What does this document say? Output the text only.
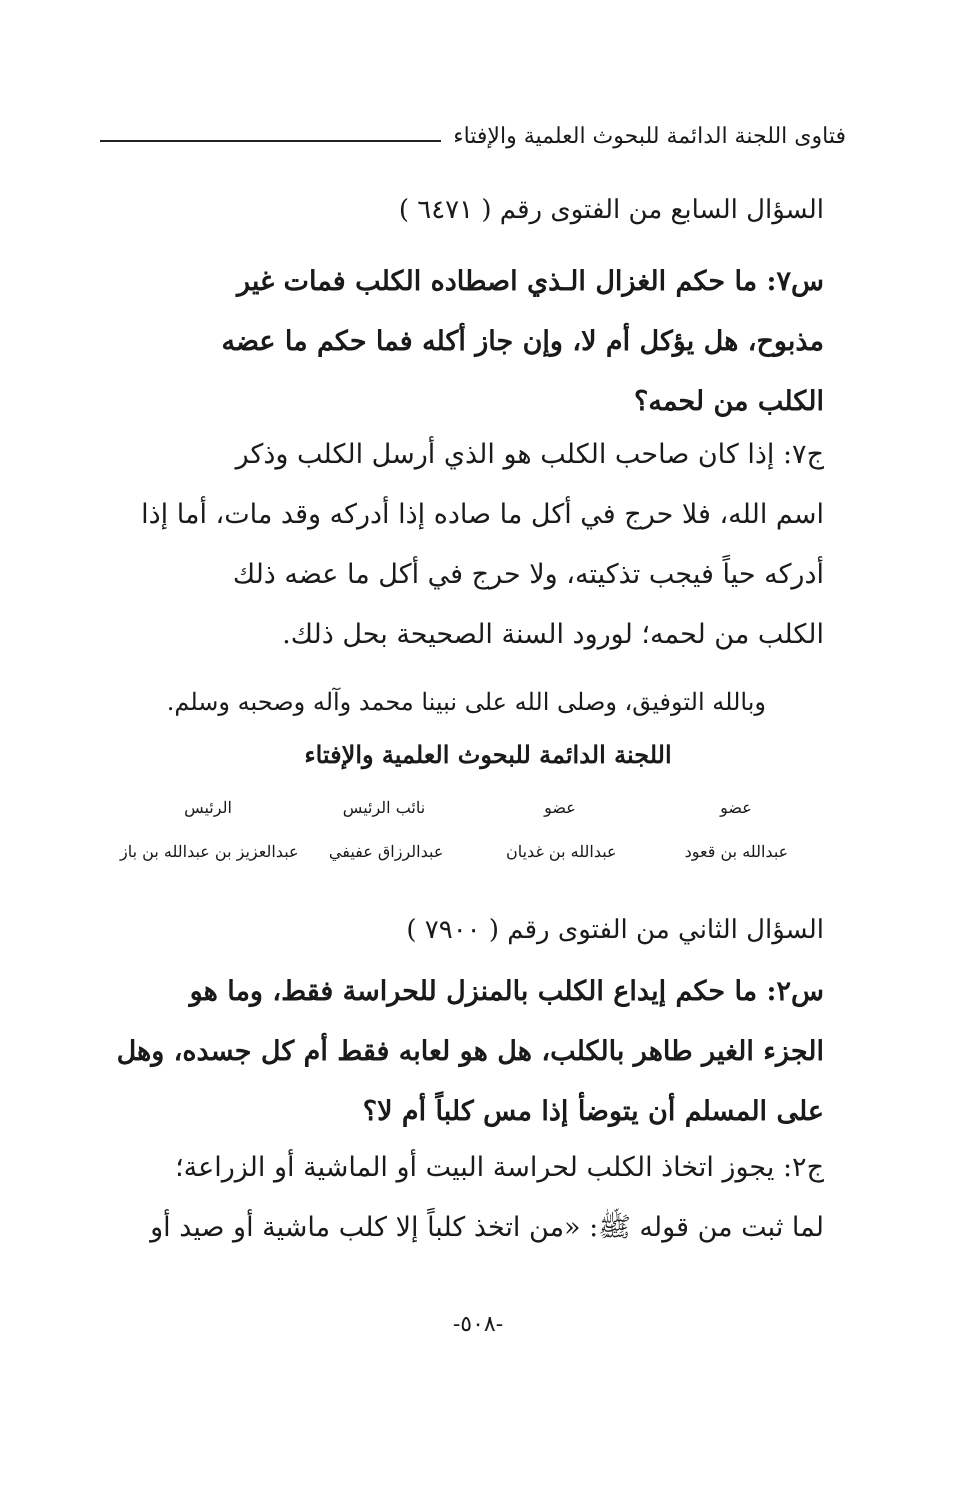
فتاوى اللجنة الدائمة للبحوث العلمية والإفتاء
السؤال السابع من الفتوى رقم ( ٦٤٧١ )
س٧: ما حكم الغزال الـذي اصطاده الكلب فمات غير
مذبوح، هل يؤكل أم لا، وإن جاز أكله فما حكم ما عضه
الكلب من لحمه؟
ج٧: إذا كان صاحب الكلب هو الذي أرسل الكلب وذكر
اسم الله، فلا حرج في أكل ما صاده إذا أدركه وقد مات، أما إذا
أدركه حياً فيجب تذكيته، ولا حرج في أكل ما عضه ذلك
الكلب من لحمه؛ لورود السنة الصحيحة بحل ذلك.
وبالله التوفيق، وصلى الله على نبينا محمد وآله وصحبه وسلم.
اللجنة الدائمة للبحوث العلمية والإفتاء
عضو
عضو
نائب الرئيس
الرئيس
عبدالله بن قعود
عبدالله بن غديان
عبدالرزاق عفيفي
عبدالعزيز بن عبدالله بن باز
السؤال الثاني من الفتوى رقم ( ٧٩٠٠ )
س٢: ما حكم إيداع الكلب بالمنزل للحراسة فقط، وما هو
الجزء الغير طاهر بالكلب، هل هو لعابه فقط أم كل جسده، وهل
على المسلم أن يتوضأ إذا مس كلباً أم لا؟
ج٢: يجوز اتخاذ الكلب لحراسة البيت أو الماشية أو الزراعة؛
لما ثبت من قوله ﷺ: «من اتخذ كلباً إلا كلب ماشية أو صيد أو
-٥٠٨-
